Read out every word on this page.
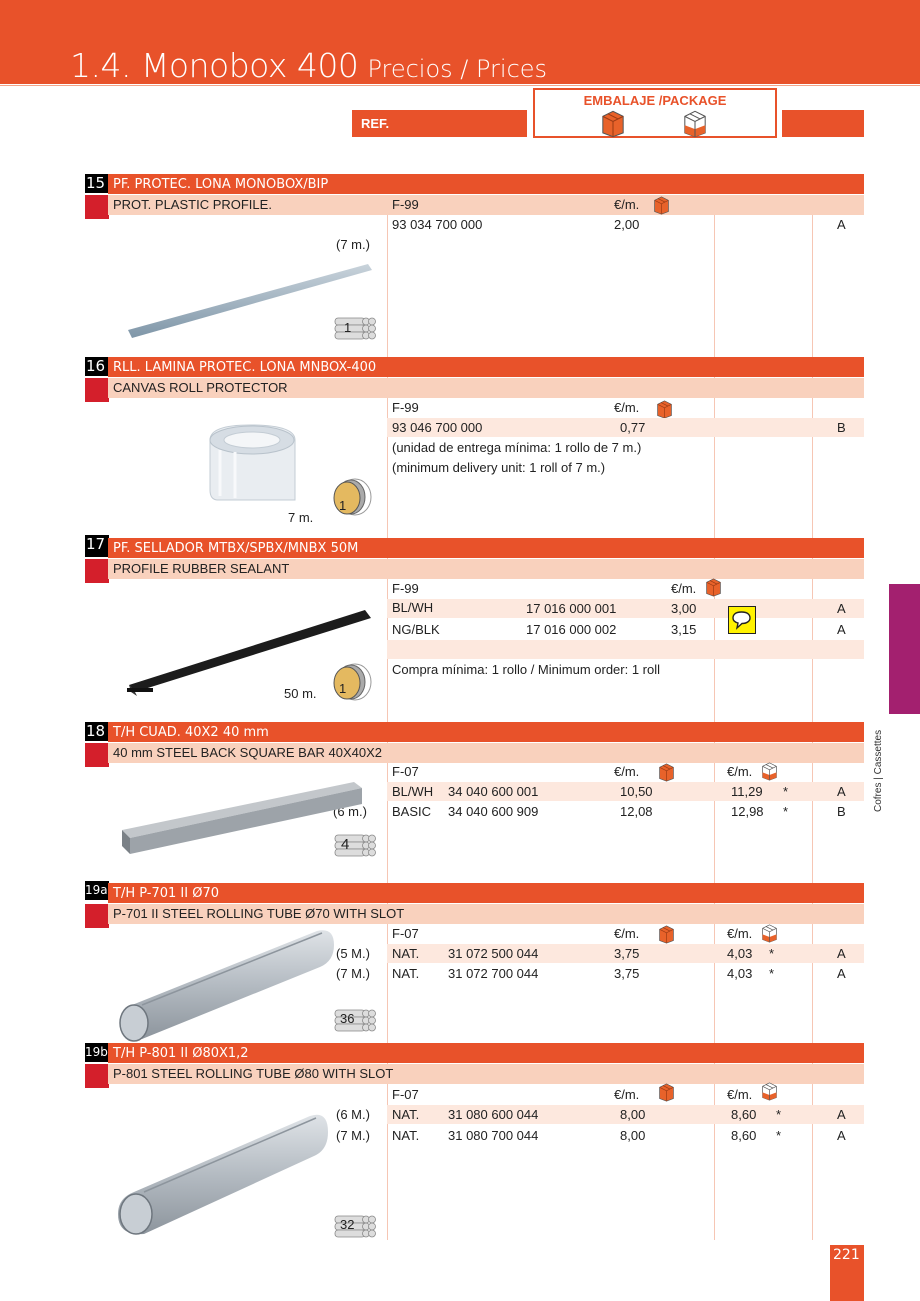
1.4. Monobox 400 Precios / Prices
REF.
EMBALAJE /PACKAGE
15 PF. PROTEC. LONA MONOBOX/BIP
PROT. PLASTIC PROFILE.	F-99	€/m.
93 034 700 000	2,00	A
(7 m.)
1
16 RLL. LAMINA PROTEC. LONA MNBOX-400
CANVAS ROLL PROTECTOR
F-99	€/m.
93 046 700 000	0,77	B
(unidad de entrega mínima: 1 rollo de 7 m.)
(minimum delivery unit: 1 roll of 7 m.)
7 m.
1
17 PF. SELLADOR MTBX/SPBX/MNBX 50M
PROFILE RUBBER SEALANT
F-99	€/m.
BL/WH	17 016 000 001	3,00	A
NG/BLK	17 016 000 002	3,15	A
Compra mínima: 1 rollo / Minimum order: 1 roll
50 m. 1
18 T/H CUAD. 40X2 40 mm
40 mm STEEL BACK SQUARE BAR 40X40X2
F-07	€/m.	€/m.
BL/WH 34 040 600 001	10,50	11,29 *	A
(6 m.) BASIC 34 040 600 909	12,08	12,98 *	B
4
19a T/H P-701 II Ø70
P-701 II STEEL ROLLING TUBE Ø70 WITH SLOT
F-07	€/m.	€/m.
(5 M.) NAT. 31 072 500 044	3,75	4,03 *	A
(7 M.) NAT. 31 072 700 044	3,75	4,03 *	A
36
19b T/H P-801 II Ø80X1,2
P-801 STEEL ROLLING TUBE Ø80 WITH SLOT
F-07	€/m.	€/m.
(6 M.) NAT. 31 080 600 044	8,00	8,60 *	A
(7 M.) NAT. 31 080 700 044	8,00	8,60 *	A
32
Cofres | Cassettes
221
